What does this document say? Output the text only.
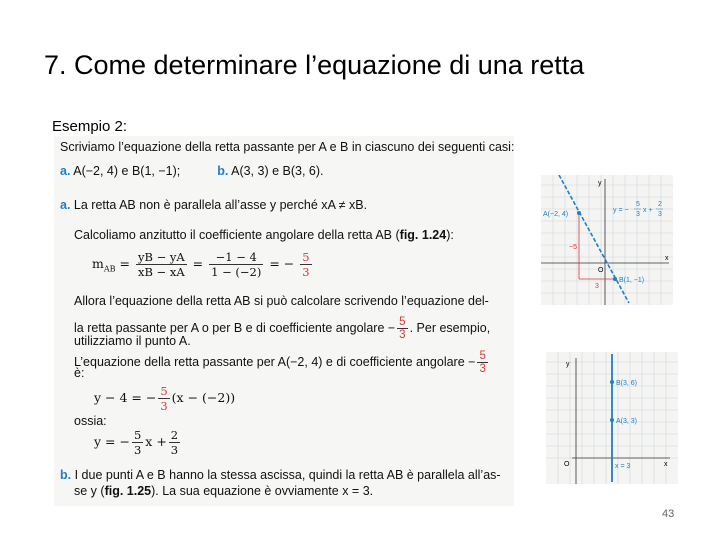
7. Come determinare l’equazione di una retta
Esempio 2:
Scriviamo l’equazione della retta passante per A e B in ciascuno dei seguenti casi:
a. A(−2, 4) e B(1, −1);	b. A(3, 3) e B(3, 6).
a. La retta AB non è parallela all’asse y perché xA ≠ xB.
Calcoliamo anzitutto il coefficiente angolare della retta AB (fig. 1.24):
$m_{AB} = \frac{yB - yA}{xB - xA} = \frac{-1 - 4}{1 - (-2)}$ = − $\frac{5}{3}$
Allora l’equazione della retta AB si può calcolare scrivendo l’equazione del-
la retta passante per A o per B e di coefficiente angolare − $\frac{5}{3}$ . Per esempio,
utilizziamo il punto A.
L’equazione della retta passante per A(−2, 4) e di coefficiente angolare − $\frac{5}{3}$
è:
y − 4 = − $\frac{5}{3} (x - (-2))$
ossia:
y = − $\frac{5}{3}$ $x + \frac{2}{3}$
b. I due punti A e B hanno la stessa ascissa, quindi la retta AB è parallela all’as-
se y (fig. 1.25). La sua equazione è ovviamente x = 3.
A(−2, 4)
B(1, −1)
O
x
y
−5
3
y = −
5
3
x +
2
3
B(3, 6)
A(3, 3)
O	x
y
x = 3
43
